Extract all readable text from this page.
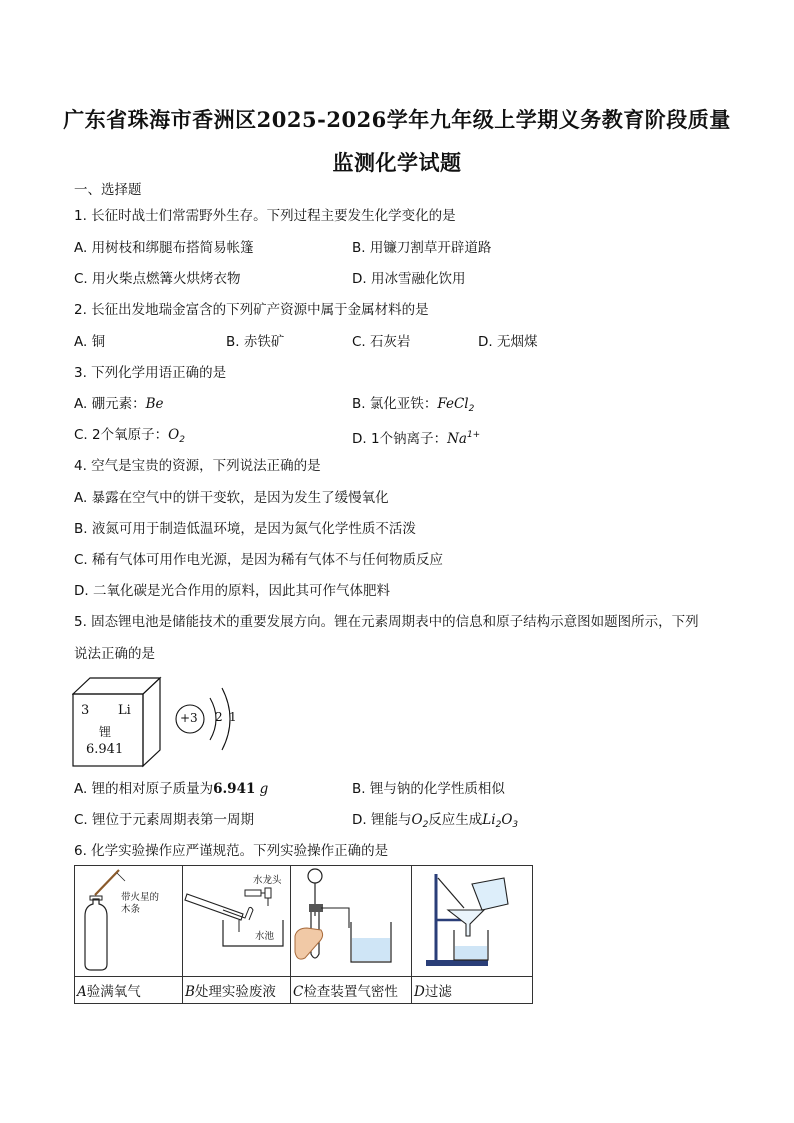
广东省珠海市香洲区2025-2026学年九年级上学期义务教育阶段质量
监测化学试题
一、选择题
1. 长征时战士们常需野外生存。下列过程主要发生化学变化的是
A. 用树枝和绑腿布搭简易帐篷	B. 用镰刀割草开辟道路
C. 用火柴点燃篝火烘烤衣物	D. 用冰雪融化饮用
2. 长征出发地瑞金富含的下列矿产资源中属于金属材料的是
A. 铜	B. 赤铁矿	C. 石灰岩	D. 无烟煤
3. 下列化学用语正确的是
A. 硼元素：Be	B. 氯化亚铁：FeCl$_2$
C. 2个氧原子：$O_2$	D. 1个钠离子：$Na^{1+}$
4. 空气是宝贵的资源，下列说法正确的是
A. 暴露在空气中的饼干变软，是因为发生了缓慢氧化
B. 液氮可用于制造低温环境，是因为氮气化学性质不活泼
C. 稀有气体可用作电光源，是因为稀有气体不与任何物质反应
D. 二氧化碳是光合作用的原料，因此其可作气体肥料
5. 固态锂电池是储能技术的重要发展方向。锂在元素周期表中的信息和原子结构示意图如题图所示，下列
说法正确的是
3 Li
锂
6.941
+3 2 1
A. 锂的相对原子质量为6.941 g	B. 锂与钠的化学性质相似
C. 锂位于元素周期表第一周期	D. 锂能与$O_2$反应生成$Li_2O_3$
6. 化学实验操作应严谨规范。下列实验操作正确的是
带火星的木条	水龙头
水池

A验满氧气	B处理实验废液	C检查装置气密性	D过滤
